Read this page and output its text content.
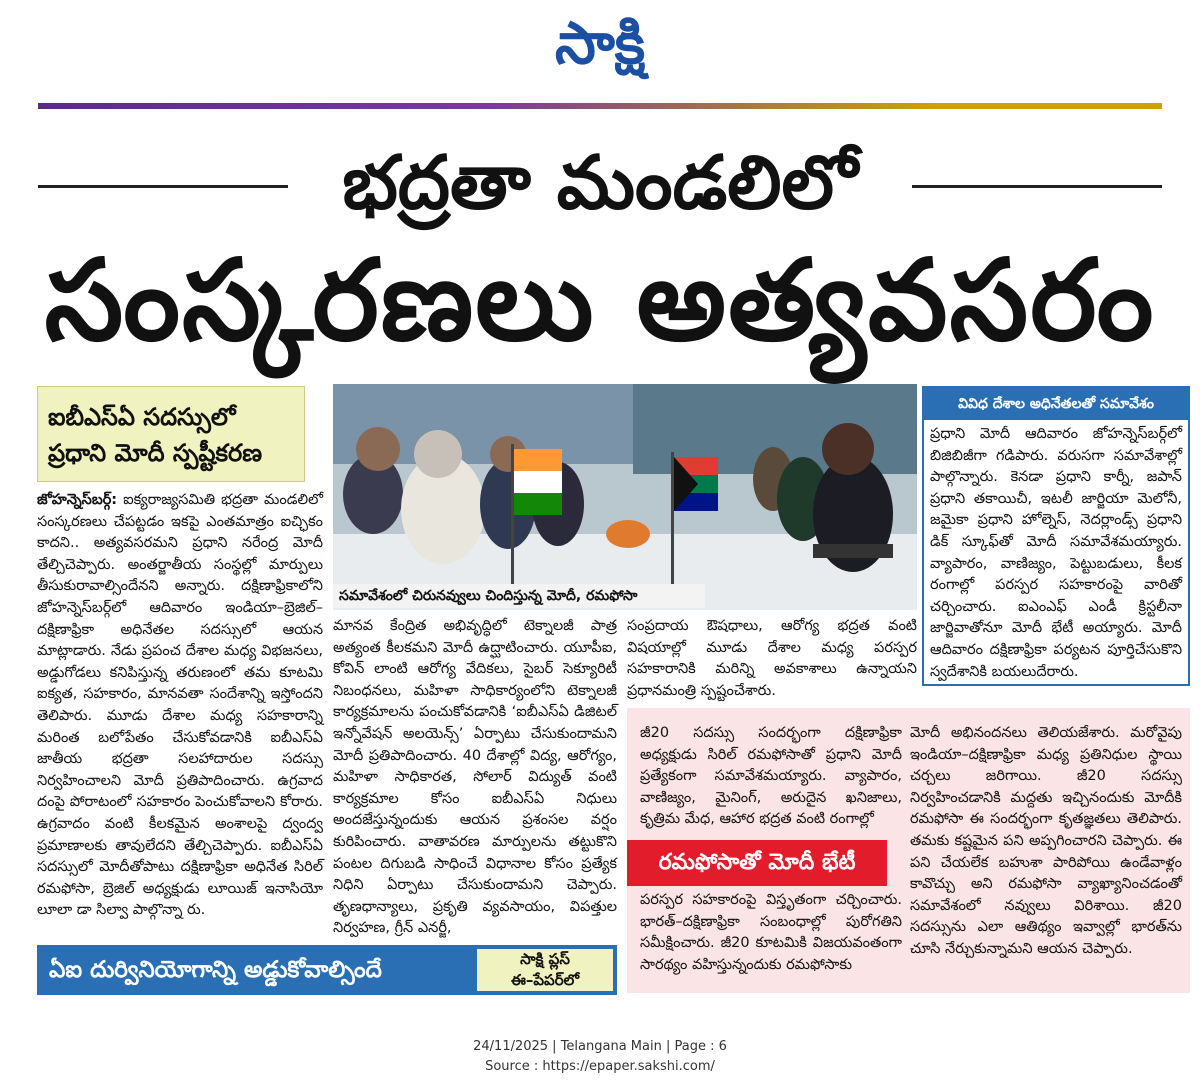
సాక్షి
భద్రతా మండలిలో
సంస్కరణలు అత్యవసరం
ఐబీఎస్‌ఏ సదస్సులో ప్రధాని మోదీ స్పష్టీకరణ
జోహన్నెస్‌బర్గ్: ఐక్యరాజ్యసమితి భద్రతా మండలిలో సంస్కరణలు చేపట్టడం ఇకపై ఎంతమాత్రం ఐచ్ఛికం కాదని.. అత్యవసరమని ప్రధాని నరేంద్ర మోదీ తేల్చిచెప్పారు. అంతర్జాతీయ సంస్థల్లో మార్పులు తీసుకురావాల్సిందేనని అన్నారు. దక్షిణాఫ్రికాలోని జోహన్నెస్‌బర్గ్‌లో ఆదివారం ఇండియా–బ్రెజిల్–దక్షిణాఫ్రికా అధినేతల సదస్సులో ఆయన మాట్లాడారు. నేడు ప్రపంచ దేశాల మధ్య విభజనలు, అడ్డుగోడలు కనిపిస్తున్న తరుణంలో తమ కూటమి ఐక్యత, సహకారం, మానవతా సందేశాన్ని ఇస్తోందని తెలిపారు. మూడు దేశాల మధ్య సహకారాన్ని మరింత బలోపేతం చేసుకోవడానికి ఐబీఎస్‌ఏ జాతీయ భద్రతా సలహాదారుల సదస్సు నిర్వహించాలని మోదీ ప్రతిపాదించారు. ఉగ్రవాద దంపై పోరాటంలో సహకారం పెంచుకోవాలని కోరారు. ఉగ్రవాదం వంటి కీలకమైన అంశాలపై ద్వంద్వ ప్రమాణాలకు తావులేదని తేల్చిచెప్పారు. ఐబీఎస్‌ఏ సదస్సులో మోదీతోపాటు దక్షిణాఫ్రికా అధినేత సిరిల్ రమఫోసా, బ్రెజిల్ అధ్యక్షుడు లూయిజ్ ఇనాసియో లూలా డా సిల్వా పాల్గొన్నా రు.
సమావేశంలో చిరునవ్వులు చిందిస్తున్న మోదీ, రమఫోసా
మానవ కేంద్రిత అభివృద్ధిలో టెక్నాలజీ పాత్ర అత్యంత కీలకమని మోదీ ఉద్ఘాటించారు. యూపీఐ, కోవిన్ లాంటి ఆరోగ్య వేదికలు, సైబర్ సెక్యూరిటీ నిబంధనలు, మహిళా సాధికార్యంలోని టెక్నాలజీ కార్యక్రమాలను పంచుకోవడానికి ‘ఐబీఎస్‌ఏ డిజిటల్ ఇన్నోవేషన్ అలయెన్స్’ ఏర్పాటు చేసుకుందామని మోదీ ప్రతిపాదించారు. 40 దేశాల్లో విద్య, ఆరోగ్యం, మహిళా సాధికారత, సోలార్ విద్యుత్ వంటి కార్యక్రమాల కోసం ఐబీఎస్‌ఏ నిధులు అందజేస్తున్నందుకు ఆయన ప్రశంసల వర్షం కురిపించారు. వాతావరణ మార్పులను తట్టుకొని పంటల దిగుబడి సాధించే విధానాల కోసం ప్రత్యేక నిధిని ఏర్పాటు చేసుకుందామని చెప్పారు. తృణధాన్యాలు, ప్రకృతి వ్యవసాయం, విపత్తుల నిర్వహణ, గ్రీన్ ఎనర్జీ,
సంప్రదాయ ఔషధాలు, ఆరోగ్య భద్రత వంటి విషయాల్లో మూడు దేశాల మధ్య పరస్పర సహకారానికి మరిన్ని అవకాశాలు ఉన్నాయని ప్రధానమంత్రి స్పష్టంచేశారు.
వివిధ దేశాల అధినేతలతో సమావేశం
ప్రధాని మోదీ ఆదివారం జోహన్నెస్‌బర్గ్‌లో బిజిబిజీగా గడిపారు. వరుసగా సమావేశాల్లో పాల్గొన్నారు. కెనడా ప్రధాని కార్నీ, జపాన్ ప్రధాని తకాయిచీ, ఇటలీ జార్జియా మెలోనీ, జమైకా ప్రధాని హోల్నెస్, నెదర్లాండ్స్ ప్రధాని డిక్ స్కూఫ్‌తో మోదీ సమావేశమయ్యారు. వ్యాపారం, వాణిజ్యం, పెట్టుబడులు, కీలక రంగాల్లో పరస్పర సహకారంపై వారితో చర్చించారు. ఐఎంఎఫ్ ఎండీ క్రిస్టలీనా జార్జివాతోనూ మోదీ భేటీ అయ్యారు. మోదీ ఆదివారం దక్షిణాఫ్రికా పర్యటన పూర్తిచేసుకొని స్వదేశానికి బయలుదేరారు.
జీ20 సదస్సు సందర్భంగా దక్షిణాఫ్రికా అధ్యక్షుడు సిరిల్ రమఫోసాతో ప్రధాని మోదీ ప్రత్యేకంగా సమావేశమయ్యారు. వ్యాపారం, వాణిజ్యం, మైనింగ్, అరుదైన ఖనిజాలు, కృత్రిమ మేధ, ఆహార భద్రత వంటి రంగాల్లో
రమఫోసాతో మోదీ భేటీ
పరస్పర సహకారంపై విస్తృతంగా చర్చించారు. భారత్–దక్షిణాఫ్రికా సంబంధాల్లో పురోగతిని సమీక్షించారు. జీ20 కూటమికి విజయవంతంగా సారథ్యం వహిస్తున్నందుకు రమఫోసాకు
మోదీ అభినందనలు తెలియజేశారు. మరోవైపు ఇండియా–దక్షిణాఫ్రికా మధ్య ప్రతినిధుల స్థాయి చర్చలు జరిగాయి. జీ20 సదస్సు నిర్వహించడానికి మద్దతు ఇచ్చినందుకు మోదీకి రమఫోసా ఈ సందర్భంగా కృతజ్ఞతలు తెలిపారు. తమకు కష్టమైన పని అప్పగించారని చెప్పారు. ఈ పని చేయలేక బహుశా పారిపోయి ఉండేవాళ్లం కావొచ్చు అని రమఫోసా వ్యాఖ్యానించడంతో సమావేశంలో నవ్వులు విరిశాయి. జీ20 సదస్సును ఎలా ఆతిథ్యం ఇవ్వాల్లో భారత్‌ను చూసి నేర్చుకున్నామని ఆయన చెప్పారు.
ఏఐ దుర్వినియోగాన్ని అడ్డుకోవాల్సిందే	సాక్షి ప్లస్
ఈ–పేపర్‌లో
24/11/2025 | Telangana Main | Page : 6
Source : https://epaper.sakshi.com/
